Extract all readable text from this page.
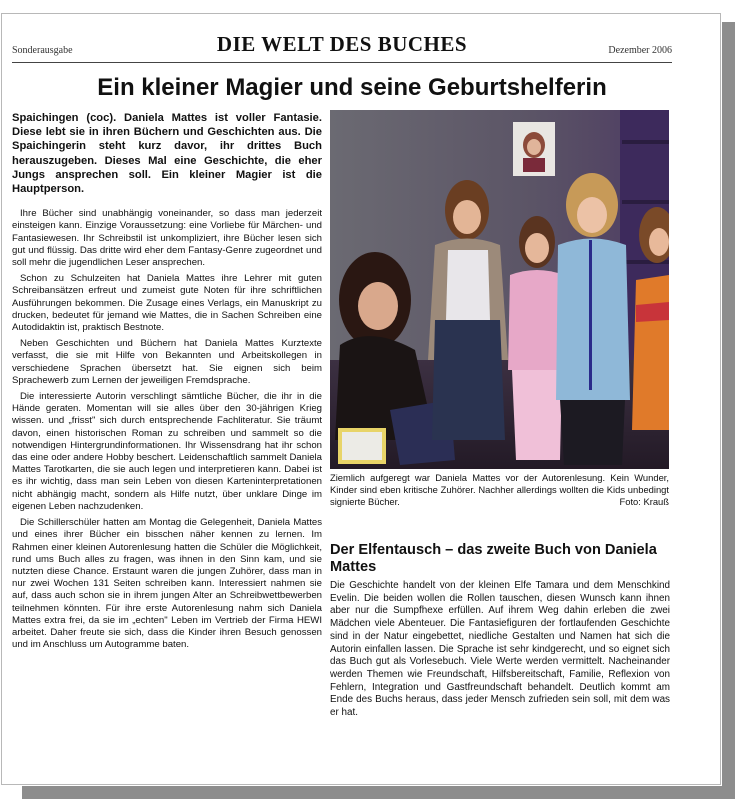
Sonderausgabe	DIE WELT DES BUCHES	Dezember 2006
Ein kleiner Magier und seine Geburtshelferin

Spaichingen (coc). Daniela Mattes ist voller Fantasie. Diese lebt sie in ihren Büchern und Geschichten aus. Die Spaichingerin steht kurz davor, ihr drittes Buch herauszugeben. Dieses Mal eine Geschichte, die eher Jungs ansprechen soll. Ein kleiner Magier ist die Hauptperson.

Ihre Bücher sind unabhängig voneinander, so dass man jederzeit einsteigen kann. Einzige Voraussetzung: eine Vorliebe für Märchen- und Fantasiewesen. Ihr Schreibstil ist unkompliziert, ihre Bücher lesen sich gut und flüssig. Das dritte wird eher dem Fantasy-Genre zugeordnet und soll mehr die jugendlichen Leser ansprechen.

Schon zu Schulzeiten hat Daniela Mattes ihre Lehrer mit guten Schreibansätzen erfreut und zumeist gute Noten für ihre schriftlichen Ausführungen bekommen. Die Zusage eines Verlags, ein Manuskript zu drucken, bedeutet für jemand wie Mattes, die in Sachen Schreiben eine Autodidaktin ist, praktisch Bestnote.

Neben Geschichten und Büchern hat Daniela Mattes Kurztexte verfasst, die sie mit Hilfe von Bekannten und Arbeitskollegen in verschiedene Sprachen übersetzt hat. Sie eignen sich beim Sprachewerb zum Lernen der jeweiligen Fremdsprache.

Die interessierte Autorin verschlingt sämtliche Bücher, die ihr in die Hände geraten. Momentan will sie alles über den 30-jährigen Krieg wissen. und „frisst" sich durch entsprechende Fachliteratur. Sie träumt davon, einen historischen Roman zu schreiben und sammelt so die notwendigen Hintergrundinformationen. Ihr Wissensdrang hat ihr schon das eine oder andere Hobby beschert. Leidenschaftlich sammelt Daniela Mattes Tarotkarten, die sie auch legen und interpretieren kann. Dabei ist es ihr wichtig, dass man sein Leben von diesen Karteninterpretationen nicht abhängig macht, sondern als Hilfe nutzt, über unklare Dinge im eigenen Leben nachzudenken.

Die Schillerschüler hatten am Montag die Gelegenheit, Daniela Mattes und eines ihrer Bücher ein bisschen näher kennen zu lernen. Im Rahmen einer kleinen Autorenlesung hatten die Schüler die Möglichkeit, rund ums Buch alles zu fragen, was ihnen in den Sinn kam, und sie nutzten diese Chance. Erstaunt waren die jungen Zuhörer, dass man in nur zwei Wochen 131 Seiten schreiben kann. Interessiert nahmen sie auf, dass auch schon sie in ihrem jungen Alter an Schreibwettbewerben teilnehmen könnten. Für ihre erste Autorenlesung nahm sich Daniela Mattes extra frei, da sie im „echten" Leben im Vertrieb der Firma HEWI arbeitet. Daher freute sie sich, dass die Kinder ihren Besuch genossen und im Anschluss um Autogramme baten.

Ziemlich aufgeregt war Daniela Mattes vor der Autorenlesung. Kein Wunder, Kinder sind eben kritische Zuhörer. Nachher allerdings wollten die Kids unbedingt signierte Bücher.	Foto: Krauß
Der Elfentausch – das zweite Buch von Daniela Mattes

Die Geschichte handelt von der kleinen Elfe Tamara und dem Menschkind Evelin. Die beiden wollen die Rollen tauschen, diesen Wunsch kann ihnen aber nur die Sumpfhexe erfüllen. Auf ihrem Weg dahin erleben die zwei Mädchen viele Abenteuer. Die Fantasiefiguren der fortlaufenden Geschichte sind in der Natur eingebettet, niedliche Gestalten und Namen hat sich die Autorin einfallen lassen. Die Sprache ist sehr kindgerecht, und so eignet sich das Buch gut als Vorlesebuch. Viele Werte werden vermittelt. Nacheinander werden Themen wie Freundschaft, Hilfsbereitschaft, Familie, Reflexion von Fehlern, Integration und Gastfreundschaft behandelt. Deutlich kommt am Ende des Buchs heraus, dass jeder Mensch zufrieden sein soll, mit dem was er hat.
